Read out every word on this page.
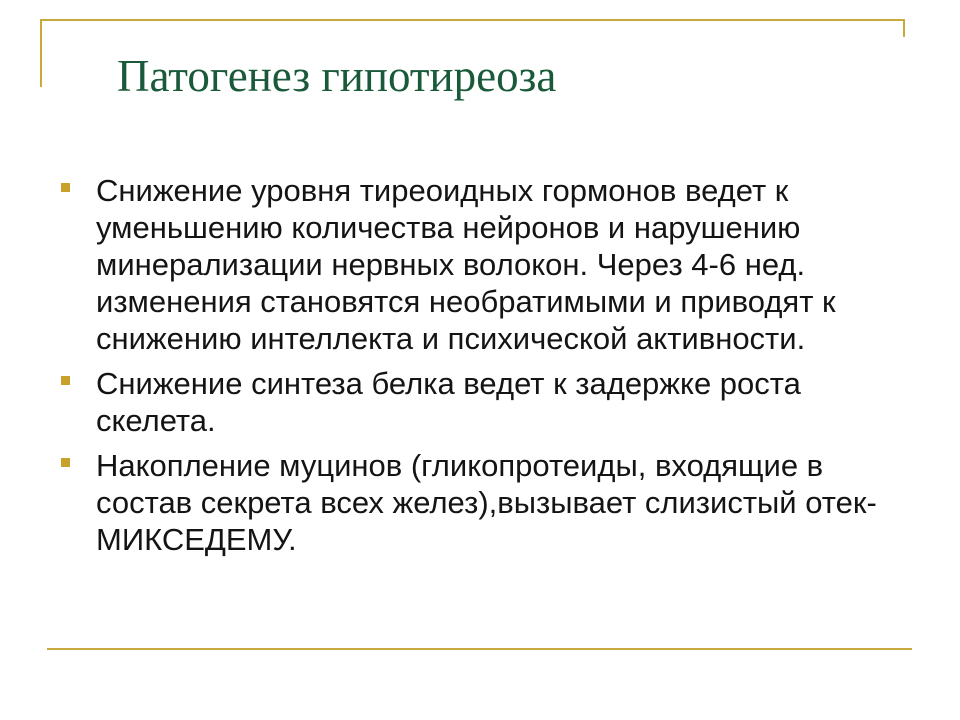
Патогенез гипотиреоза
Снижение уровня тиреоидных гормонов ведет к уменьшению количества нейронов и нарушению минерализации нервных волокон. Через 4-6 нед. изменения становятся необратимыми и приводят к снижению интеллекта и психической активности.
Снижение синтеза белка ведет к задержке роста скелета.
Накопление муцинов (гликопротеиды, входящие в состав секрета всех желез),вызывает слизистый отек-МИКСЕДЕМУ.
